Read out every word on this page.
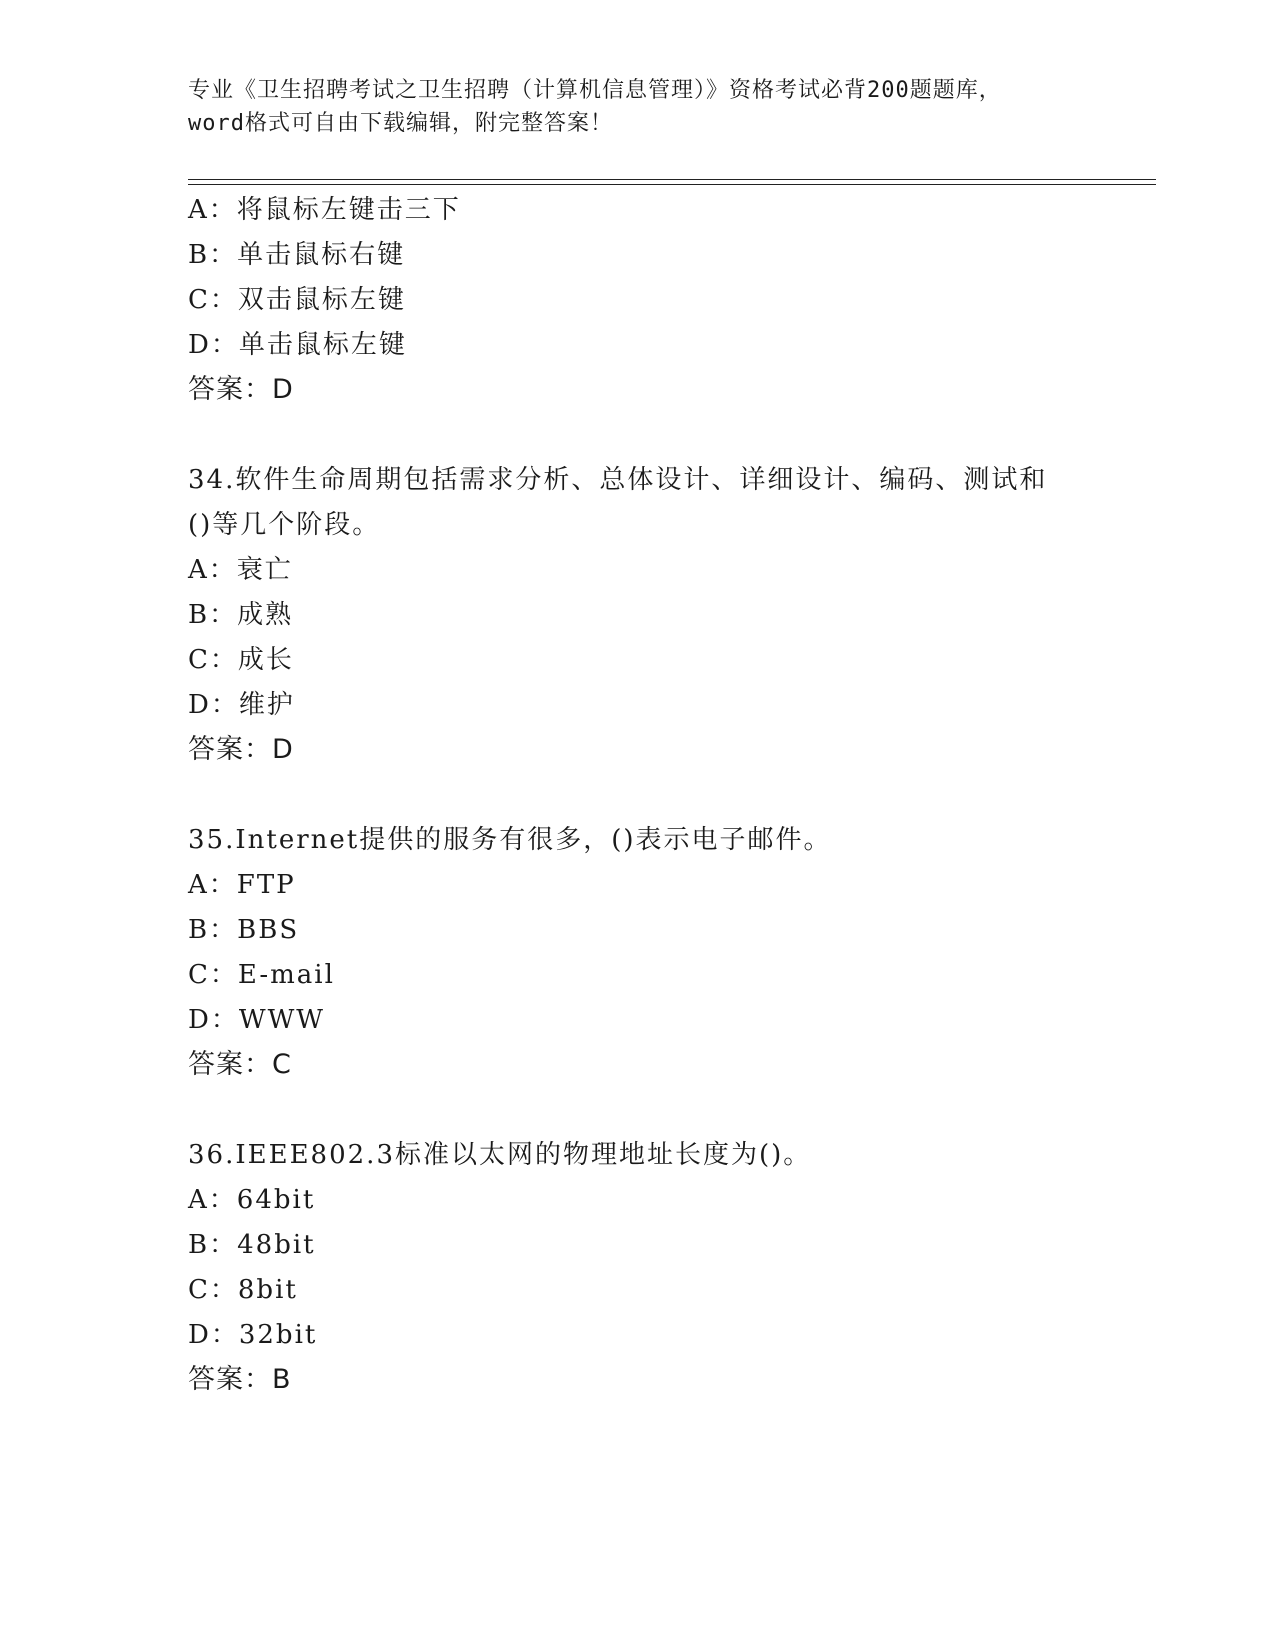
专业《卫生招聘考试之卫生招聘（计算机信息管理）》资格考试必背200题题库，
word格式可自由下载编辑，附完整答案！
A：将鼠标左键击三下
B：单击鼠标右键
C：双击鼠标左键
D：单击鼠标左键
答案：D
34.软件生命周期包括需求分析、总体设计、详细设计、编码、测试和
()等几个阶段。
A：衰亡
B：成熟
C：成长
D：维护
答案：D
35.Internet提供的服务有很多，()表示电子邮件。
A：FTP
B：BBS
C：E-mail
D：WWW
答案：C
36.IEEE802.3标准以太网的物理地址长度为()。
A：64bit
B：48bit
C：8bit
D：32bit
答案：B
